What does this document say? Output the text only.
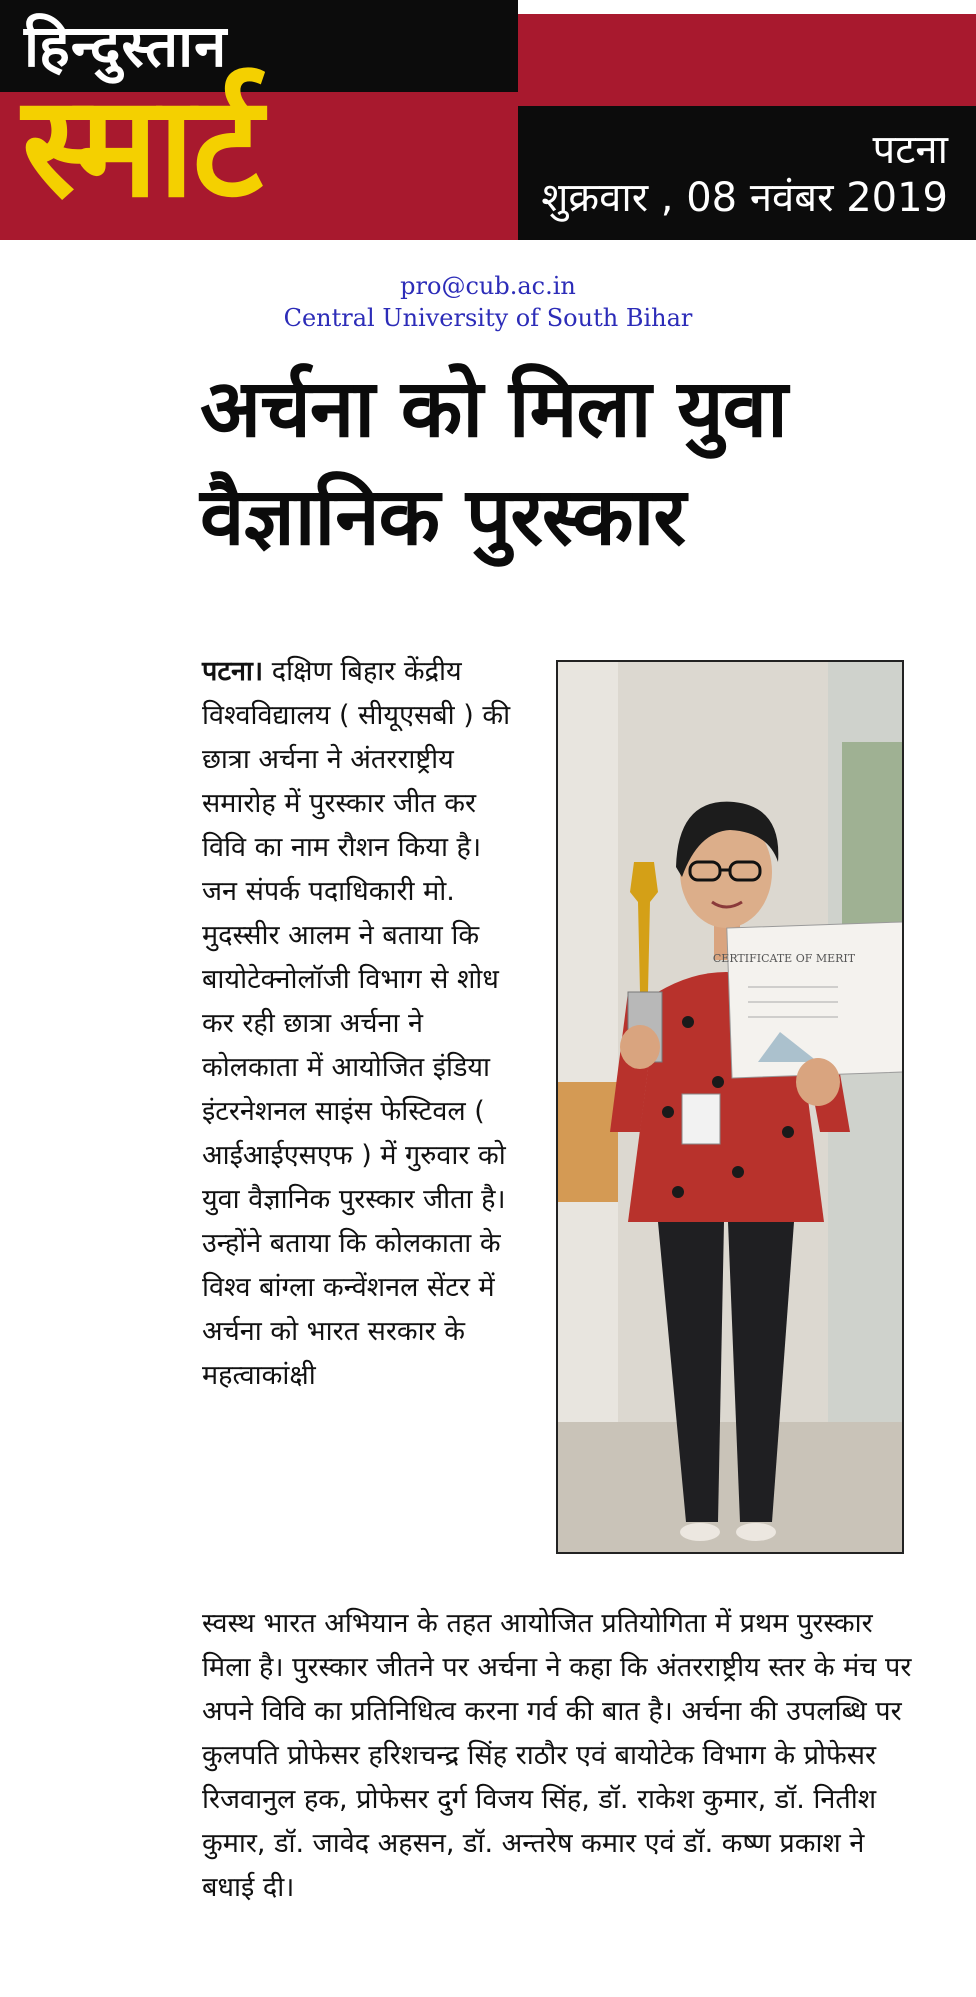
हिन्दुस्तान
स्मार्ट	पटना
शुक्रवार , 08 नवंबर 2019
pro@cub.ac.in
Central University of South Bihar
अर्चना को मिला युवा वैज्ञानिक पुरस्कार
पटना। दक्षिण बिहार केंद्रीय विश्वविद्यालय ( सीयूएसबी ) की छात्रा अर्चना ने अंतरराष्ट्रीय समारोह में पुरस्कार जीत कर विवि का नाम रौशन किया है। जन संपर्क पदाधिकारी मो. मुदस्सीर आलम ने बताया कि बायोटेक्नोलॉजी विभाग से शोध कर रही छात्रा अर्चना ने कोलकाता में आयोजित इंडिया इंटरनेशनल साइंस फेस्टिवल ( आईआईएसएफ ) में गुरुवार को युवा वैज्ञानिक पुरस्कार जीता है। उन्होंने बताया कि कोलकाता के विश्व बांग्ला कन्वेंशनल सेंटर में अर्चना को भारत सरकार के महत्वाकांक्षी
CERTIFICATE OF MERIT
स्वस्थ भारत अभियान के तहत आयोजित प्रतियोगिता में प्रथम पुरस्कार मिला है। पुरस्कार जीतने पर अर्चना ने कहा कि अंतरराष्ट्रीय स्तर के मंच पर अपने विवि का प्रतिनिधित्व करना गर्व की बात है। अर्चना की उपलब्धि पर कुलपति प्रोफेसर हरिशचन्द्र सिंह राठौर एवं बायोटेक विभाग के प्रोफेसर रिजवानुल हक, प्रोफेसर दुर्ग विजय सिंह, डॉ. राकेश कुमार, डॉ. नितीश कुमार, डॉ. जावेद अहसन, डॉ. अन्तरेष कमार एवं डॉ. कष्ण प्रकाश ने बधाई दी।
